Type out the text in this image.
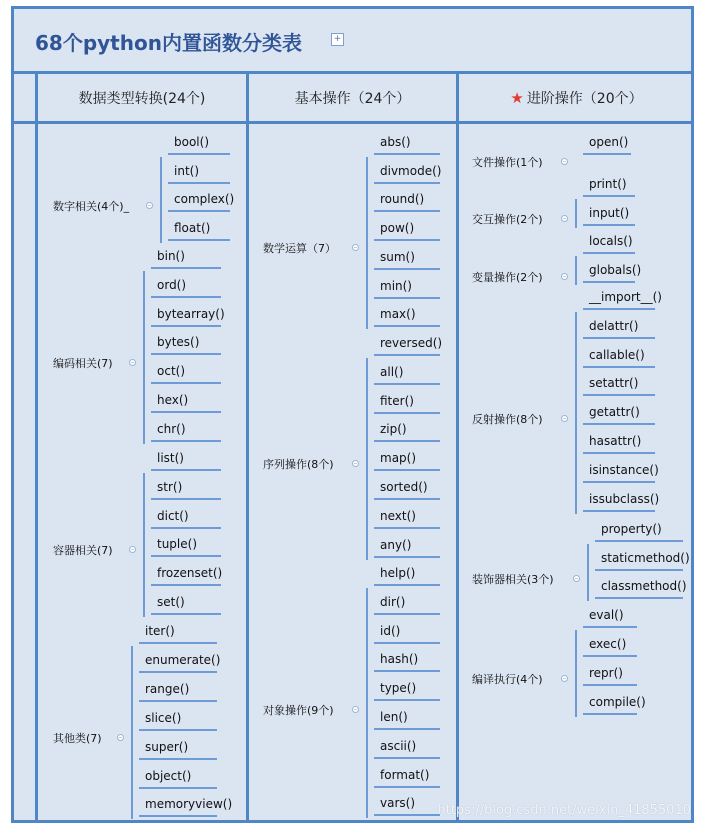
68个python内置函数分类表	+
数据类型转换(24个)	基本操作（24个）	★ 进阶操作（20个）
数字相关(4个)_	–
bool()
int()
complex()
float()
编码相关(7)	–
bin()
ord()
bytearray()
bytes()
oct()
hex()
chr()
容器相关(7)	–
list()
str()
dict()
tuple()
frozenset()
set()
其他类(7) –
iter()
enumerate()
range()
slice()
super()
object()
memoryview()
数学运算（7）	–
abs()
divmode()
round()
pow()
sum()
min()
max()
序列操作(8个)	–
reversed()
all()
fiter()
zip()
map()
sorted()
next()
any()
对象操作(9个)	–
help()
dir()
id()
hash()
type()
len()
ascii()
format()
vars()
文件操作(1个)	–
open()
交互操作(2个)	–
print()
input()
变量操作(2个)	–
locals()
globals()
反射操作(8个)	–
__import__()
delattr()
callable()
setattr()
getattr()
hasattr()
isinstance()
issubclass()
装饰器相关(3个)	–
property()
staticmethod()
classmethod()
编译执行(4个)	–
eval()
exec()
repr()
compile()
https://blog.csdn.net/weixin_41855010
